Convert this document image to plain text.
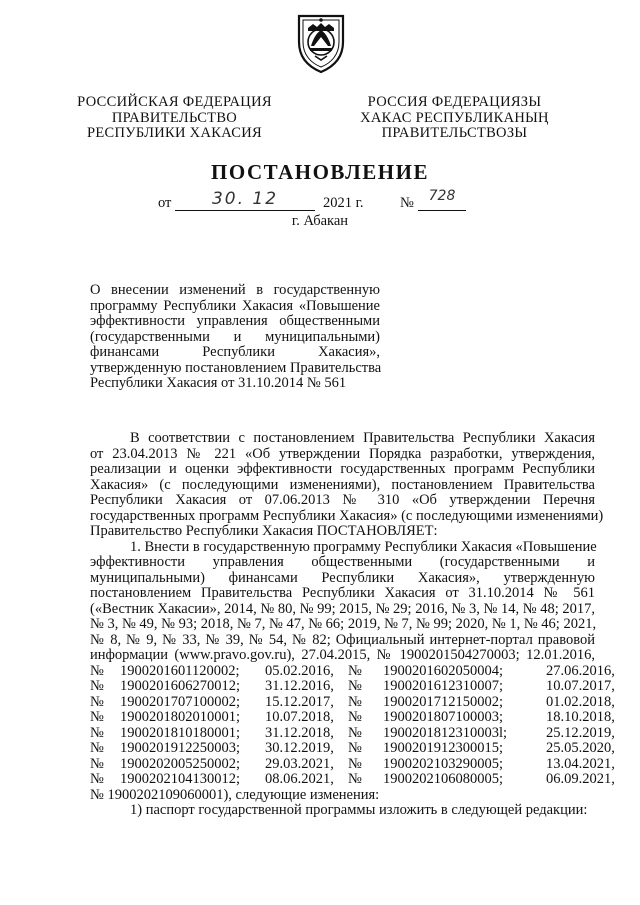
РОССИЙСКАЯ ФЕДЕРАЦИЯ
ПРАВИТЕЛЬСТВО
РЕСПУБЛИКИ ХАКАСИЯ
РОССИЯ ФЕДЕРАЦИЯЗЫ
ХАКАС РЕСПУБЛИКАНЫҢ
ПРАВИТЕЛЬСТВОЗЫ
ПОСТАНОВЛЕНИЕ
от	30. 12	2021 г.	№	728
г. Абакан
О внесении изменений в государственную
программу Республики Хакасия «Повышение
эффективности управления общественными
(государственными и муниципальными)
финансами Республики Хакасия»,
утвержденную постановлением Правительства
Республики Хакасия от 31.10.2014 № 561
В соответствии с постановлением Правительства Республики Хакасия
от 23.04.2013 № 221 «Об утверждении Порядка разработки, утверждения,
реализации и оценки эффективности государственных программ Республики
Хакасия» (с последующими изменениями), постановлением Правительства
Республики Хакасия от 07.06.2013 № 310 «Об утверждении Перечня
государственных программ Республики Хакасия» (с последующими изменениями)
Правительство Республики Хакасия ПОСТАНОВЛЯЕТ:
1. Внести в государственную программу Республики Хакасия «Повышение
эффективности управления общественными (государственными и
муниципальными) финансами Республики Хакасия», утвержденную
постановлением Правительства Республики Хакасия от 31.10.2014 № 561
(«Вестник Хакасии», 2014, № 80, № 99; 2015, № 29; 2016, № 3, № 14, № 48; 2017,
№ 3, № 49, № 93; 2018, № 7, № 47, № 66; 2019, № 7, № 99; 2020, № 1, № 46; 2021,
№ 8, № 9, № 33, № 39, № 54, № 82; Официальный интернет-портал правовой
информации (www.pravo.gov.ru), 27.04.2015, № 1900201504270003; 12.01.2016,
№	1900201601120002;	05.02.2016, №	1900201602050004;	27.06.2016,
№	1900201606270012;	31.12.2016, №	1900201612310007;	10.07.2017,
№	1900201707100002;	15.12.2017, №	1900201712150002;	01.02.2018,
№	1900201802010001;	10.07.2018, №	1900201807100003;	18.10.2018,
№	1900201810180001;	31.12.2018, №	1900201812310003l;	25.12.2019,
№	1900201912250003;	30.12.2019, №	1900201912300015;	25.05.2020,
№	1900202005250002;	29.03.2021, №	1900202103290005;	13.04.2021,
№	1900202104130012;	08.06.2021, №	1900202106080005;	06.09.2021,
№ 1900202109060001), следующие изменения:
1) паспорт государственной программы изложить в следующей редакции:
